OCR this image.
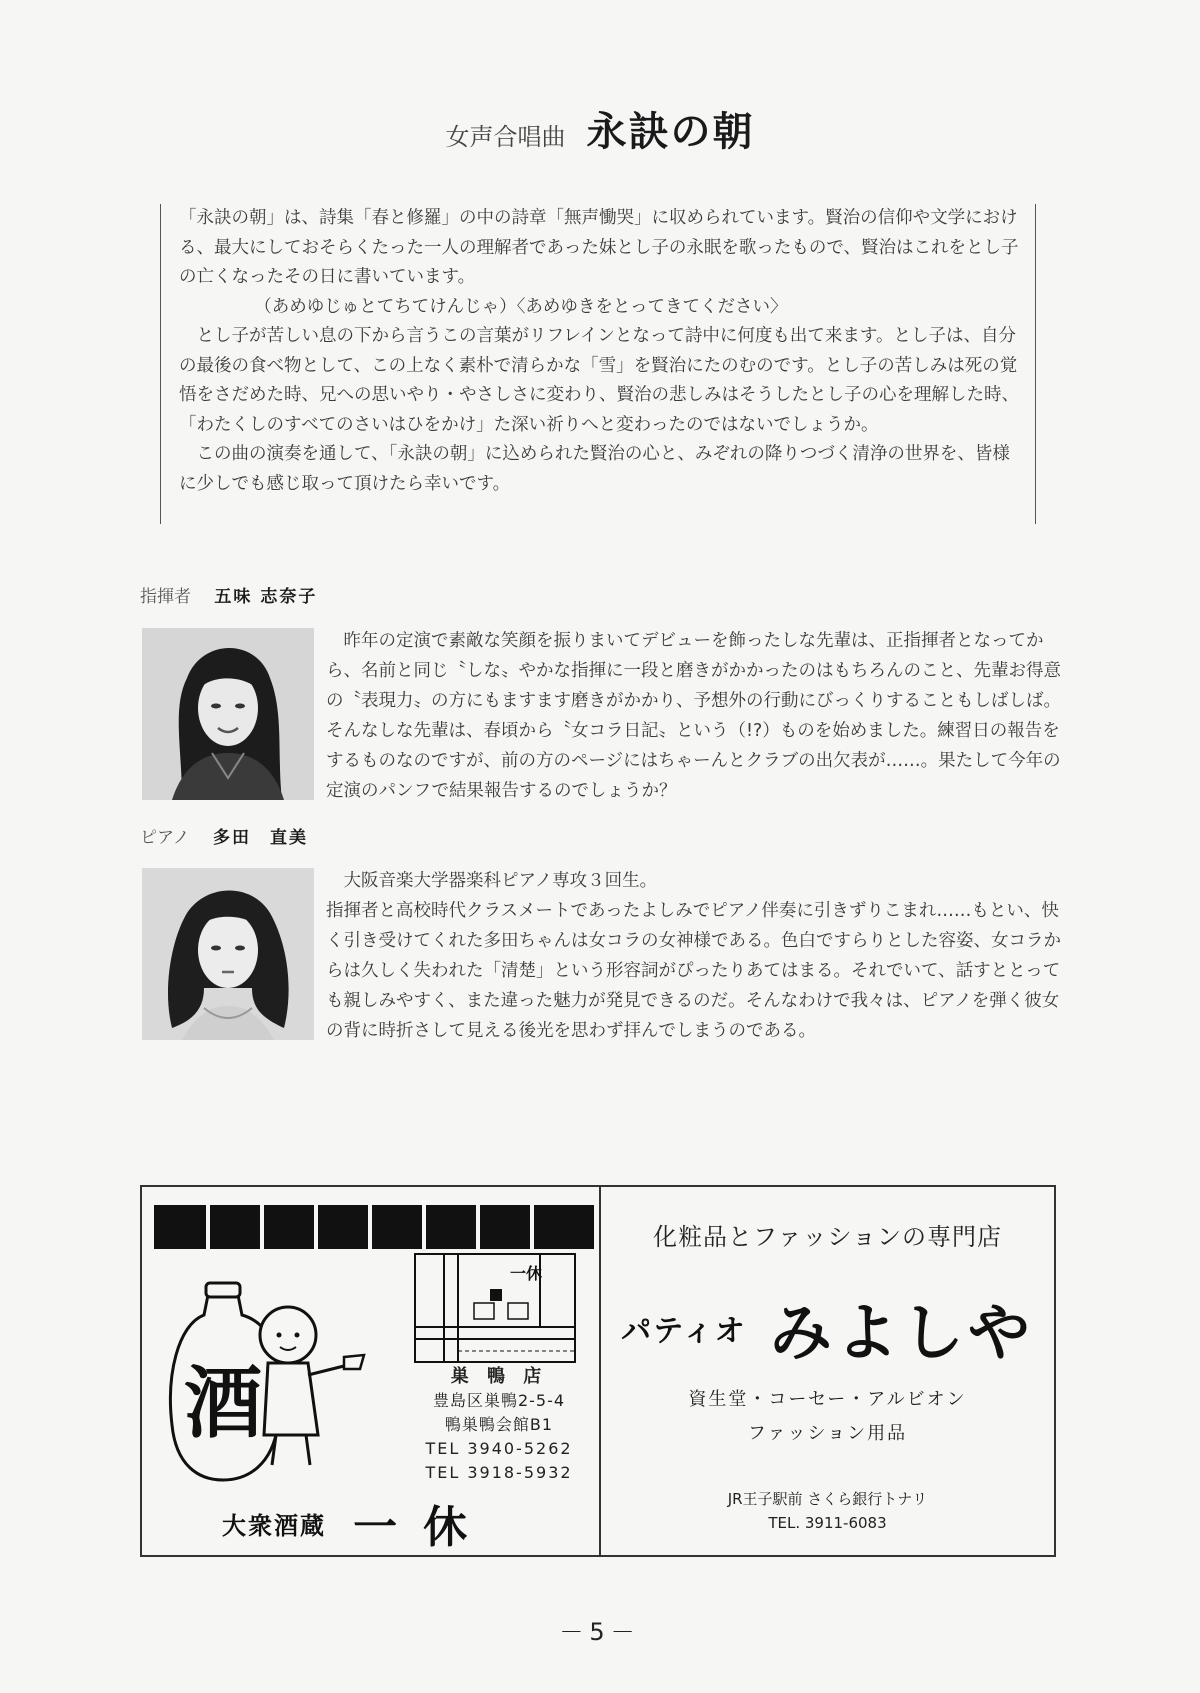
女声合唱曲 永訣の朝

「永訣の朝」は、詩集「春と修羅」の中の詩章「無声慟哭」に収められています。賢治の信仰や文学における、最大にしておそらくたった一人の理解者であった妹とし子の永眠を歌ったもので、賢治はこれをとし子の亡くなったその日に書いています。

（あめゆじゅとてちてけんじゃ）〈あめゆきをとってきてください〉

とし子が苦しい息の下から言うこの言葉がリフレインとなって詩中に何度も出て来ます。とし子は、自分の最後の食べ物として、この上なく素朴で清らかな「雪」を賢治にたのむのです。とし子の苦しみは死の覚悟をさだめた時、兄への思いやり・やさしさに変わり、賢治の悲しみはそうしたとし子の心を理解した時、「わたくしのすべてのさいはひをかけ」た深い祈りへと変わったのではないでしょうか。

この曲の演奏を通して、「永訣の朝」に込められた賢治の心と、みぞれの降りつづく清浄の世界を、皆様に少しでも感じ取って頂けたら幸いです。

指揮者 五味 志奈子

昨年の定演で素敵な笑顔を振りまいてデビューを飾ったしな先輩は、正指揮者となってから、名前と同じ〝しな〟やかな指揮に一段と磨きがかかったのはもちろんのこと、先輩お得意の〝表現力〟の方にもますます磨きがかかり、予想外の行動にびっくりすることもしばしば。そんなしな先輩は、春頃から〝女コラ日記〟という（!?）ものを始めました。練習日の報告をするものなのですが、前の方のページにはちゃーんとクラブの出欠表が……。果たして今年の定演のパンフで結果報告するのでしょうか？

ピアノ 多田　直美

大阪音楽大学器楽科ピアノ専攻３回生。

指揮者と高校時代クラスメートであったよしみでピアノ伴奏に引きずりこまれ……もとい、快く引き受けてくれた多田ちゃんは女コラの女神様である。色白ですらりとした容姿、女コラからは久しく失われた「清楚」という形容詞がぴったりあてはまる。それでいて、話すととっても親しみやすく、また違った魅力が発見できるのだ。そんなわけで我々は、ピアノを弾く彼女の背に時折さして見える後光を思わず拝んでしまうのである。

酒
一休
巣 鴨 店
豊島区巣鴨2-5-4
鴨巣鴨会館B1
TEL 3940-5262
TEL 3918-5932
大衆酒蔵 一休
化粧品とファッションの専門店
パティオ みよしや
資生堂・コーセー・アルビオン
ファッション用品
JR王子駅前 さくら銀行トナリ
TEL. 3911-6083
－5－
